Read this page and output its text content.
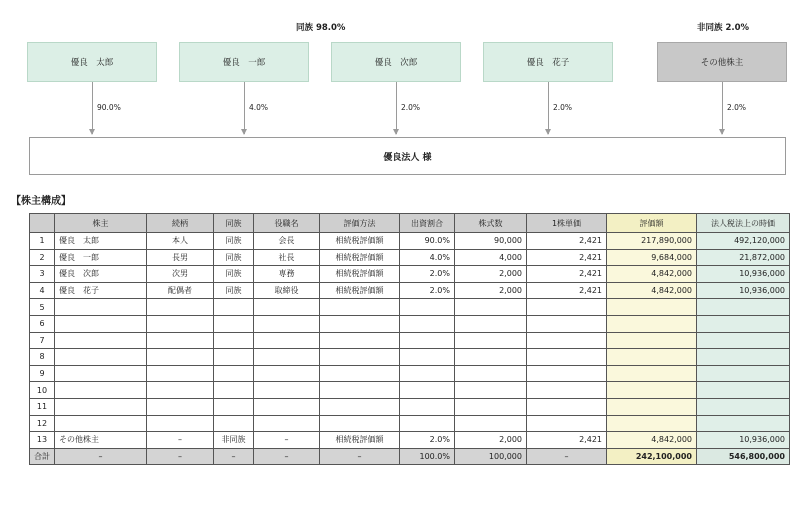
同族 98.0%	非同族 2.0%
優良　太郎	優良　一郎	優良　次郎	優良　花子	その他株主
90.0%	4.0%	2.0%	2.0%	2.0%
優良法人 様
【株主構成】
	株主	続柄	同族	役職名	評価方法	出資割合	株式数	1株単価	評価額	法人税法上の時価
1	優良　太郎	本人	同族	会長	相続税評価額	90.0%	90,000	2,421	217,890,000	492,120,000
2	優良　一郎	長男	同族	社長	相続税評価額	4.0%	4,000	2,421	9,684,000	21,872,000
3	優良　次郎	次男	同族	専務	相続税評価額	2.0%	2,000	2,421	4,842,000	10,936,000
4	優良　花子	配偶者	同族	取締役	相続税評価額	2.0%	2,000	2,421	4,842,000	10,936,000
5										
6										
7										
8										
9										
10										
11										
12										
13	その他株主	–	非同族	–	相続税評価額	2.0%	2,000	2,421	4,842,000	10,936,000
合計	–	–	–	–	–	100.0%	100,000	–	242,100,000	546,800,000
